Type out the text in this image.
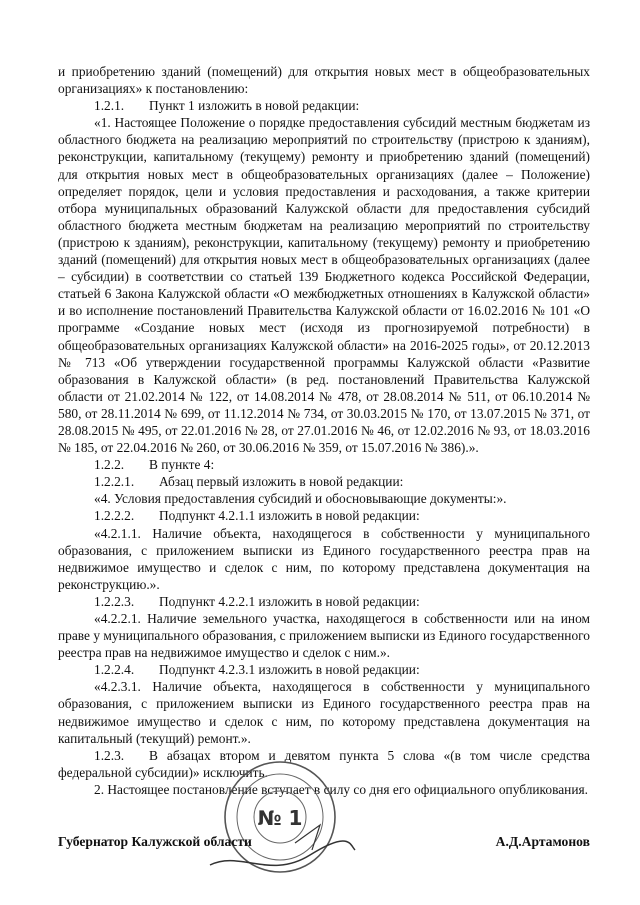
и приобретению зданий (помещений) для открытия новых мест в общеобразовательных организациях» к постановлению:

1.2.1. Пункт 1 изложить в новой редакции:

«1. Настоящее Положение о порядке предоставления субсидий местным бюджетам из областного бюджета на реализацию мероприятий по строительству (пристрою к зданиям), реконструкции, капитальному (текущему) ремонту и приобретению зданий (помещений) для открытия новых мест в общеобразовательных организациях (далее – Положение) определяет порядок, цели и условия предоставления и расходования, а также критерии отбора муниципальных образований Калужской области для предоставления субсидий областного бюджета местным бюджетам на реализацию мероприятий по строительству (пристрою к зданиям), реконструкции, капитальному (текущему) ремонту и приобретению зданий (помещений) для открытия новых мест в общеобразовательных организациях (далее – субсидии) в соответствии со статьей 139 Бюджетного кодекса Российской Федерации, статьей 6 Закона Калужской области «О межбюджетных отношениях в Калужской области» и во исполнение постановлений Правительства Калужской области от 16.02.2016 № 101 «О программе «Создание новых мест (исходя из прогнозируемой потребности) в общеобразовательных организациях Калужской области» на 2016-2025 годы», от 20.12.2013 № 713 «Об утверждении государственной программы Калужской области «Развитие образования в Калужской области» (в ред. постановлений Правительства Калужской области от 21.02.2014 № 122, от 14.08.2014 № 478, от 28.08.2014 № 511, от 06.10.2014 № 580, от 28.11.2014 № 699, от 11.12.2014 № 734, от 30.03.2015 № 170, от 13.07.2015 № 371, от 28.08.2015 № 495, от 22.01.2016 № 28, от 27.01.2016 № 46, от 12.02.2016 № 93, от 18.03.2016 № 185, от 22.04.2016 № 260, от 30.06.2016 № 359, от 15.07.2016 № 386).».

1.2.2. В пункте 4:

1.2.2.1. Абзац первый изложить в новой редакции:

«4. Условия предоставления субсидий и обосновывающие документы:».

1.2.2.2. Подпункт 4.2.1.1 изложить в новой редакции:

«4.2.1.1. Наличие объекта, находящегося в собственности у муниципального образования, с приложением выписки из Единого государственного реестра прав на недвижимое имущество и сделок с ним, по которому представлена документация на реконструкцию.».

1.2.2.3. Подпункт 4.2.2.1 изложить в новой редакции:

«4.2.2.1. Наличие земельного участка, находящегося в собственности или на ином праве у муниципального образования, с приложением выписки из Единого государственного реестра прав на недвижимое имущество и сделок с ним.».

1.2.2.4. Подпункт 4.2.3.1 изложить в новой редакции:

«4.2.3.1. Наличие объекта, находящегося в собственности у муниципального образования, с приложением выписки из Единого государственного реестра прав на недвижимое имущество и сделок с ним, по которому представлена документация на капитальный (текущий) ремонт.».

1.2.3. В абзацах втором и девятом пункта 5 слова «(в том числе средства федеральной субсидии)» исключить.

2. Настоящее постановление вступает в силу со дня его официального опубликования.

№ 1
Губернатор Калужской области	А.Д.Артамонов
